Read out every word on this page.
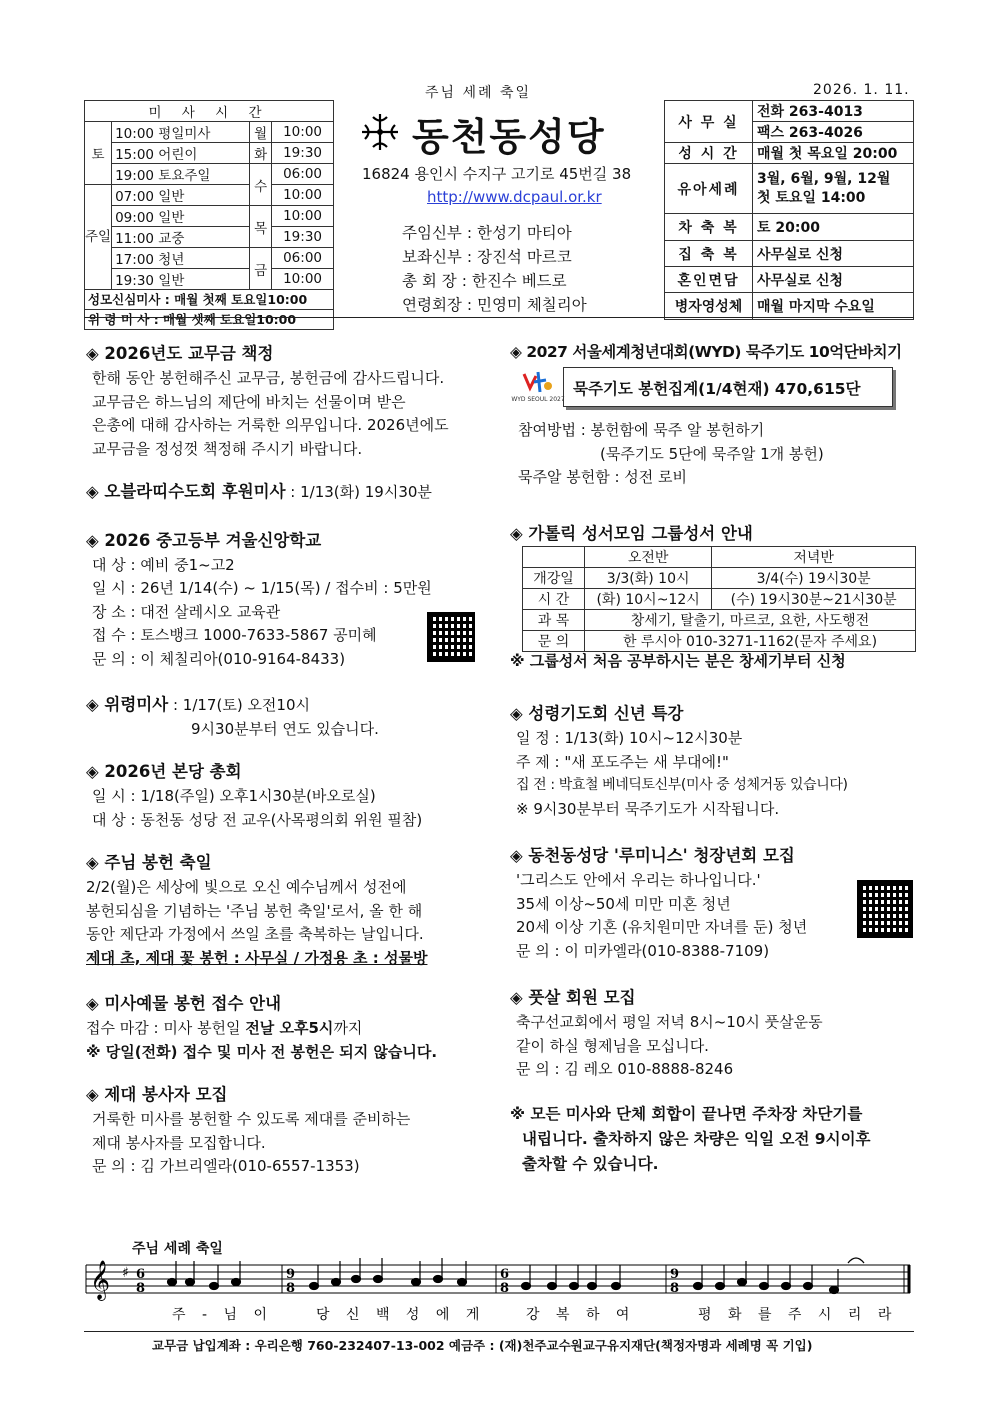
주님 세례 축일	2026. 1. 11.
미 사 시 간			
토	10:00 평일미사	월	10:00
	15:00 어린이	화	19:30
	19:00 토요주일	수	06:00
주일	07:00 일반		10:00
	09:00 일반	목	10:00
	11:00 교중		19:30
	17:00 청년	금	06:00
	19:30 일반		10:00
성모신심미사 : 매월 첫째 토요일10:00			
위 령 미 사 : 매월 셋째 토요일10:00			
동천동성당
16824 용인시 수지구 고기로 45번길 38
http://www.dcpaul.or.kr
주임신부 : 한성기 마티아
보좌신부 : 장진석 마르코
총 회 장 : 한진수 베드로
연령회장 : 민영미 체칠리아
사 무 실	전화 263-4013
	팩스 263-4026
성 시 간	매월 첫 목요일 20:00
유아세례	3월, 6월, 9월, 12월
첫 토요일 14:00

차 축 복	토 20:00
집 축 복	사무실로 신청
혼인면담	사무실로 신청
병자영성체	매월 마지막 수요일
◈ 2026년도 교무금 책정
한해 동안 봉헌해주신 교무금, 봉헌금에 감사드립니다.
교무금은 하느님의 제단에 바치는 선물이며 받은
은총에 대해 감사하는 거룩한 의무입니다. 2026년에도
교무금을 정성껏 책정해 주시기 바랍니다.
◈ 오블라띠수도회 후원미사 : 1/13(화) 19시30분
◈ 2026 중고등부 겨울신앙학교
대 상 : 예비 중1~고2
일 시 : 26년 1/14(수) ~ 1/15(목) / 접수비 : 5만원
장 소 : 대전 살레시오 교육관
접 수 : 토스뱅크 1000-7633-5867 공미혜
문 의 : 이 체칠리아(010-9164-8433)
◈ 위령미사 : 1/17(토) 오전10시
9시30분부터 연도 있습니다.
◈ 2026년 본당 총회
일 시 : 1/18(주일) 오후1시30분(바오로실)
대 상 : 동천동 성당 전 교우(사목평의회 위원 필참)
◈ 주님 봉헌 축일
2/2(월)은 세상에 빛으로 오신 예수님께서 성전에
봉헌되심을 기념하는 '주님 봉헌 축일'로서, 올 한 해
동안 제단과 가정에서 쓰일 초를 축복하는 날입니다.
제대 초, 제대 꽃 봉헌 : 사무실 / 가정용 초 : 성물방
◈ 미사예물 봉헌 접수 안내
접수 마감 : 미사 봉헌일 전날 오후5시까지
※ 당일(전화) 접수 및 미사 전 봉헌은 되지 않습니다.
◈ 제대 봉사자 모집
거룩한 미사를 봉헌할 수 있도록 제대를 준비하는
제대 봉사자를 모집합니다.
문 의 : 김 가브리엘라(010-6557-1353)
◈ 2027 서울세계청년대회(WYD) 묵주기도 10억단바치기
WYD SEOUL 2027
묵주기도 봉헌집계(1/4현재) 470,615단
참여방법 : 봉헌함에 묵주 알 봉헌하기
(묵주기도 5단에 묵주알 1개 봉헌)
묵주알 봉헌함 : 성전 로비
◈ 가톨릭 성서모임 그룹성서 안내
	오전반	저녁반
개강일	3/3(화) 10시	3/4(수) 19시30분
시 간	(화) 10시~12시	(수) 19시30분~21시30분
과 목	창세기, 탈출기, 마르코, 요한, 사도행전	
문 의	한 루시아 010-3271-1162(문자 주세요)	
※ 그룹성서 처음 공부하시는 분은 창세기부터 신청
◈ 성령기도회 신년 특강
일 정 : 1/13(화) 10시~12시30분
주 제 : "새 포도주는 새 부대에!"
집 전 : 박효철 베네딕토신부(미사 중 성체거동 있습니다)
※ 9시30분부터 묵주기도가 시작됩니다.
◈ 동천동성당 '루미니스' 청장년회 모집
'그리스도 안에서 우리는 하나입니다.'
35세 이상~50세 미만 미혼 청년
20세 이상 기혼 (유치원미만 자녀를 둔) 청년
문 의 : 이 미카엘라(010-8388-7109)
◈ 풋살 회원 모집
축구선교회에서 평일 저녁 8시~10시 풋살운동
같이 하실 형제님을 모십니다.
문 의 : 김 레오 010-8888-8246
※ 모든 미사와 단체 회합이 끝나면 주차장 차단기를
내립니다. 출차하지 않은 차량은 익일 오전 9시이후
출차할 수 있습니다.
주님 세례 축일
𝄞 ♯ 6
8
9
8
6
8
9
8
주 - 님 이	당 신 백 성 에 게	강 복 하 여	평 화 를 주 시 리 라
교무금 납입계좌 : 우리은행 760-232407-13-002 예금주 : (재)천주교수원교구유지재단(책정자명과 세례명 꼭 기입)
